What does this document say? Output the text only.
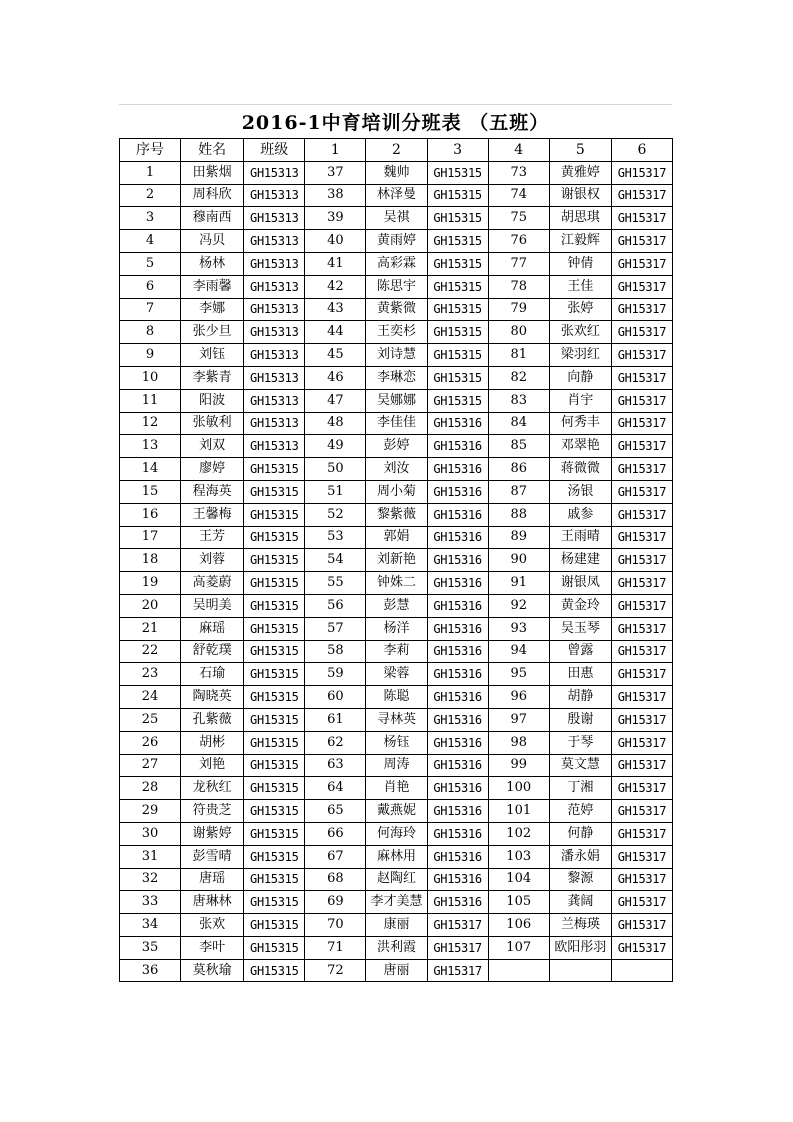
2016-1中育培训分班表 （五班）
序号	姓名	班级	1	2	3	4	5	6
1	田紫烟	GH15313	37	魏帅	GH15315	73	黄雅婷	GH15317
2	周科欣	GH15313	38	林泽曼	GH15315	74	谢银权	GH15317
3	穆南西	GH15313	39	吴祺	GH15315	75	胡思琪	GH15317
4	冯贝	GH15313	40	黄雨婷	GH15315	76	江毅辉	GH15317
5	杨林	GH15313	41	高彩霖	GH15315	77	钟倩	GH15317
6	李雨馨	GH15313	42	陈思宇	GH15315	78	王佳	GH15317
7	李娜	GH15313	43	黄紫微	GH15315	79	张婷	GH15317
8	张少旦	GH15313	44	王奕杉	GH15315	80	张欢红	GH15317
9	刘钰	GH15313	45	刘诗慧	GH15315	81	梁羽红	GH15317
10	李紫青	GH15313	46	李琳恋	GH15315	82	向静	GH15317
11	阳波	GH15313	47	吴娜娜	GH15315	83	肖宇	GH15317
12	张敏利	GH15313	48	李佳佳	GH15316	84	何秀丰	GH15317
13	刘双	GH15313	49	彭婷	GH15316	85	邓翠艳	GH15317
14	廖婷	GH15315	50	刘汝	GH15316	86	蒋微微	GH15317
15	程海英	GH15315	51	周小菊	GH15316	87	汤银	GH15317
16	王馨梅	GH15315	52	黎紫薇	GH15316	88	戚参	GH15317
17	王芳	GH15315	53	郭娟	GH15316	89	王雨晴	GH15317
18	刘蓉	GH15315	54	刘新艳	GH15316	90	杨建建	GH15317
19	高菱蔚	GH15315	55	钟姝二	GH15316	91	谢银凤	GH15317
20	吴明美	GH15315	56	彭慧	GH15316	92	黄金玲	GH15317
21	麻瑶	GH15315	57	杨洋	GH15316	93	吴玉琴	GH15317
22	舒乾璞	GH15315	58	李莉	GH15316	94	曾露	GH15317
23	石瑜	GH15315	59	梁蓉	GH15316	95	田惠	GH15317
24	陶晓英	GH15315	60	陈聪	GH15316	96	胡静	GH15317
25	孔紫薇	GH15315	61	寻林英	GH15316	97	殷谢	GH15317
26	胡彬	GH15315	62	杨钰	GH15316	98	于琴	GH15317
27	刘艳	GH15315	63	周涛	GH15316	99	莫文慧	GH15317
28	龙秋红	GH15315	64	肖艳	GH15316	100	丁湘	GH15317
29	符贵芝	GH15315	65	戴燕妮	GH15316	101	范婷	GH15317
30	谢紫婷	GH15315	66	何海玲	GH15316	102	何静	GH15317
31	彭雪晴	GH15315	67	麻林用	GH15316	103	潘永娟	GH15317
32	唐瑶	GH15315	68	赵陶红	GH15316	104	黎源	GH15317
33	唐琳林	GH15315	69	李才美慧	GH15316	105	龚阔	GH15317
34	张欢	GH15315	70	康丽	GH15317	106	兰梅瑛	GH15317
35	李叶	GH15315	71	洪利霞	GH15317	107	欧阳彤羽	GH15317
36	莫秋瑜	GH15315	72	唐丽	GH15317			
